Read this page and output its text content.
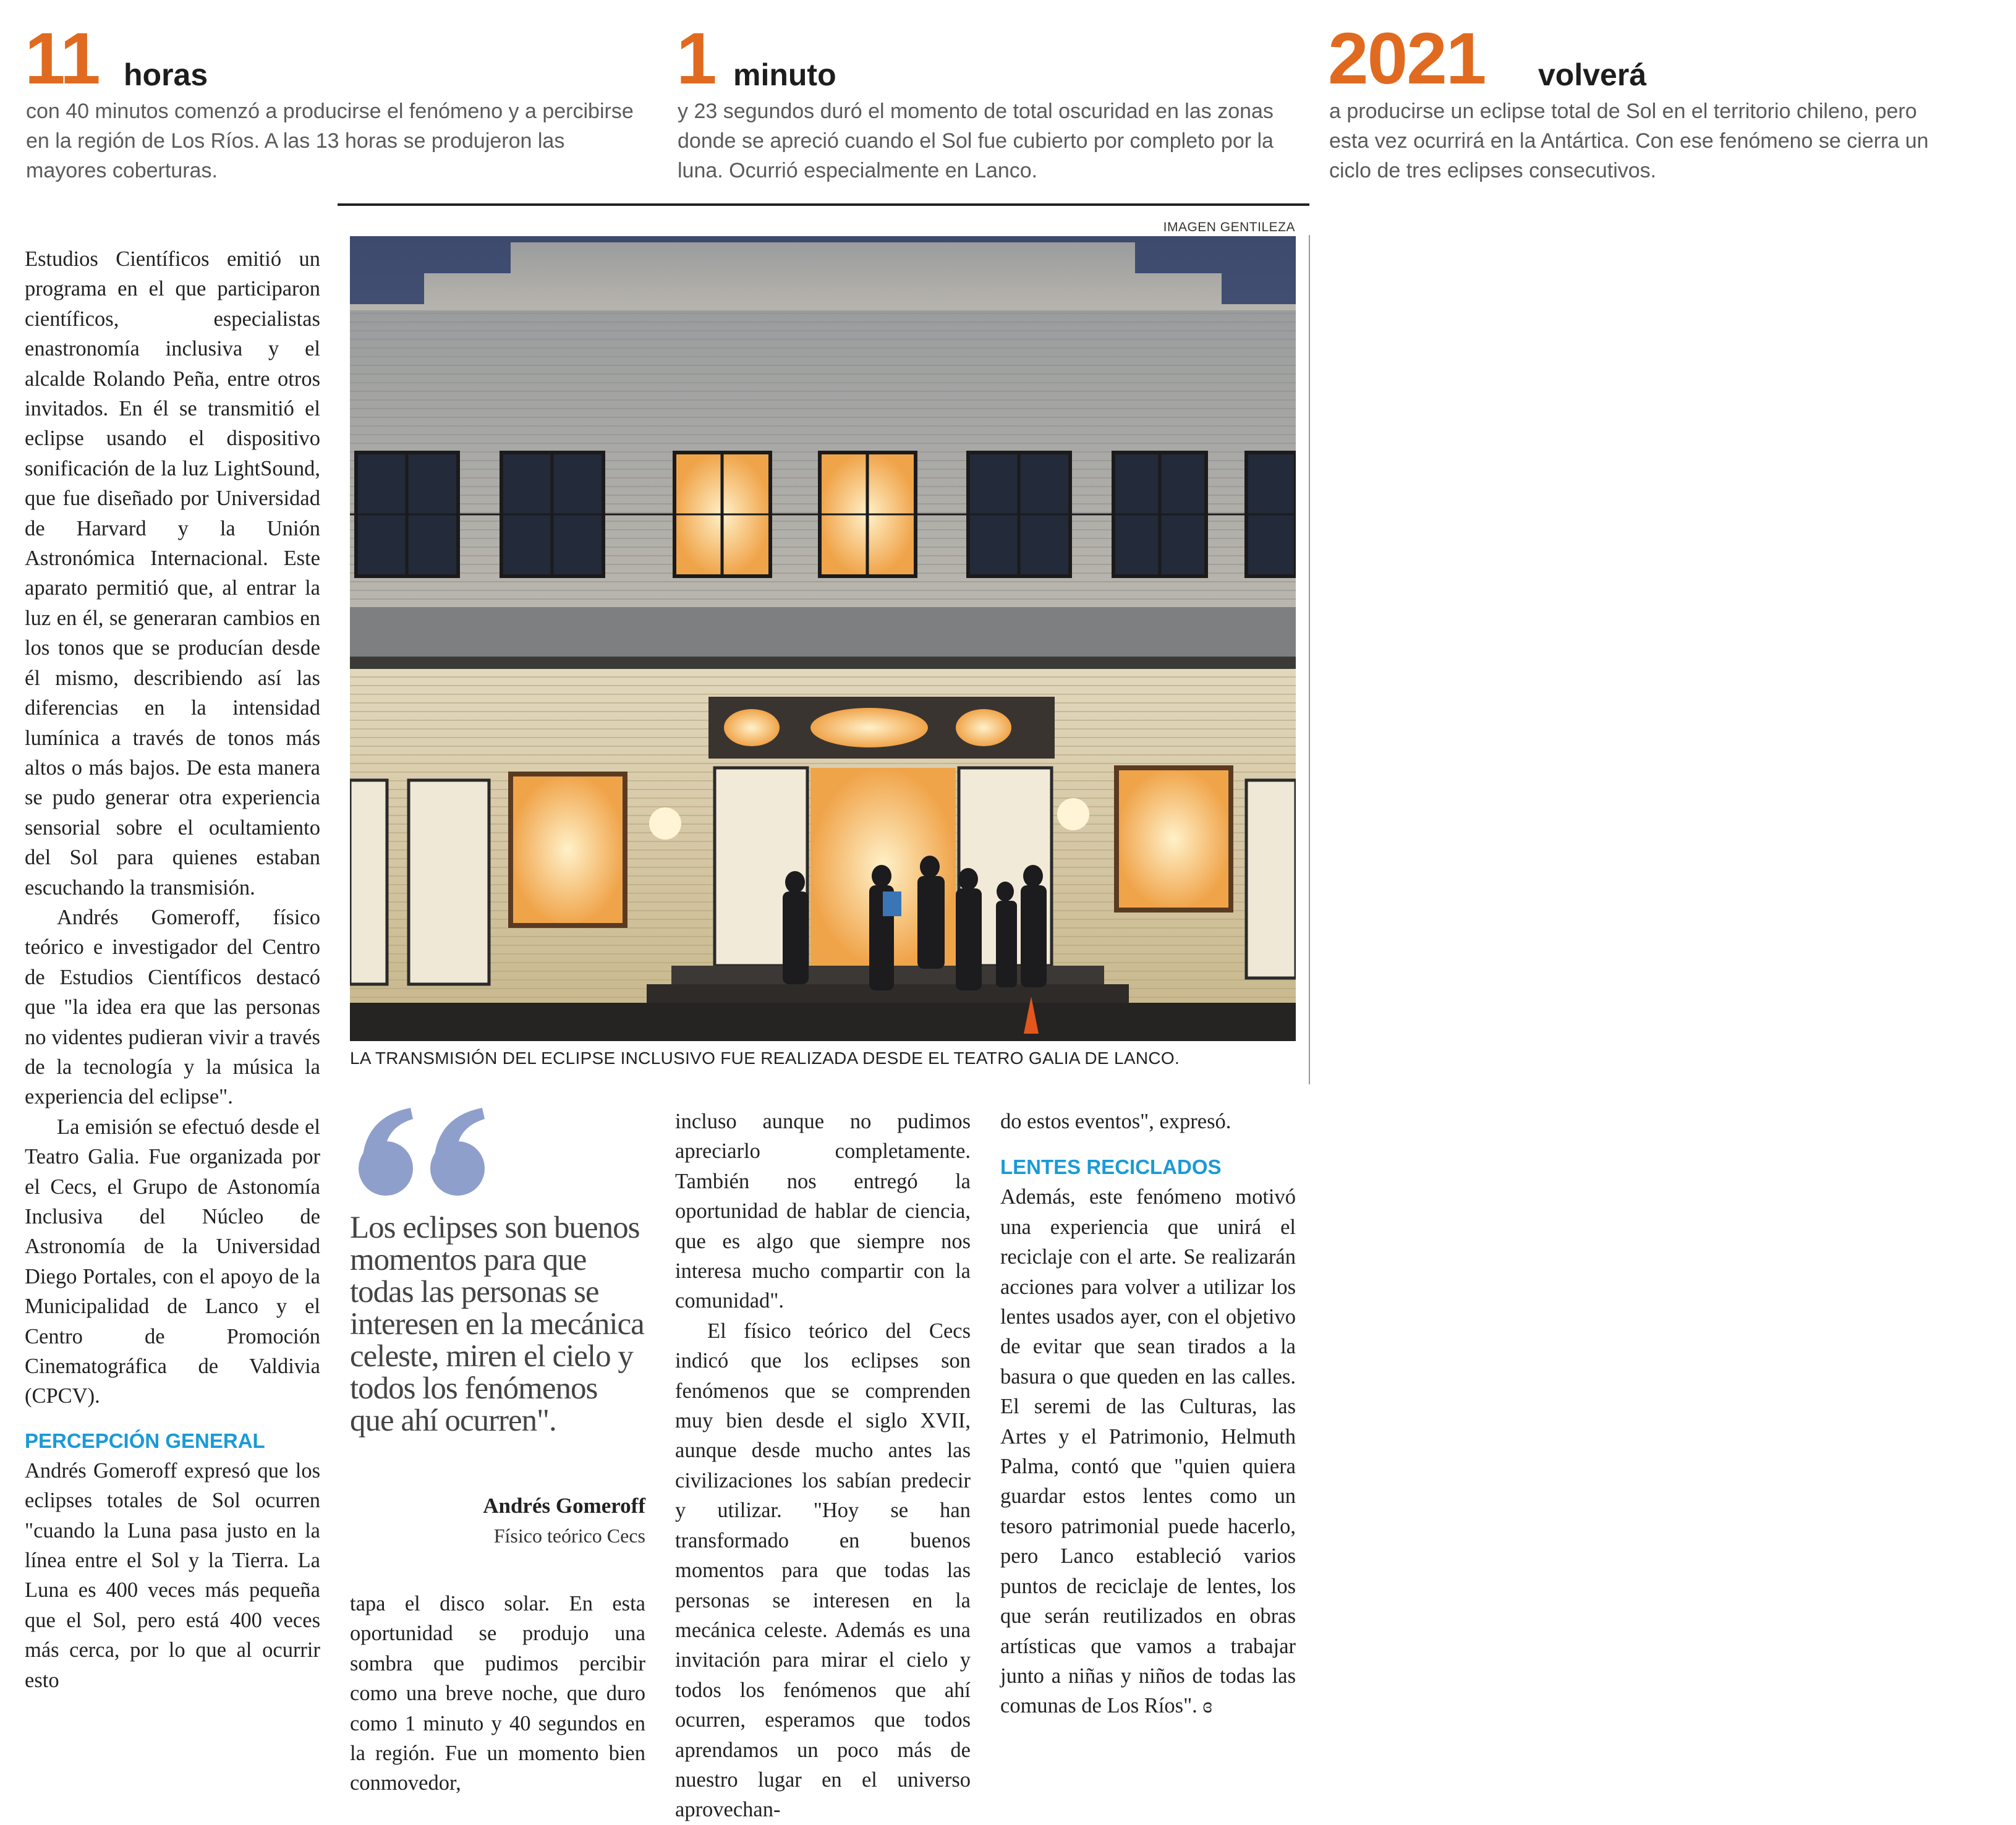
11 horas
con 40 minutos comenzó a producirse el fenómeno y a percibirse en la región de Los Ríos. A las 13 horas se produjeron las mayores coberturas.
1 minuto
y 23 segundos duró el momento de total oscuridad en las zonas donde se apreció cuando el Sol fue cubierto por completo por la luna. Ocurrió especialmente en Lanco.
2021 volverá
a producirse un eclipse total de Sol en el territorio chileno, pero esta vez ocurrirá en la Antártica. Con ese fenómeno se cierra un ciclo de tres eclipses consecutivos.
IMAGEN GENTILEZA
LA TRANSMISIÓN DEL ECLIPSE INCLUSIVO FUE REALIZADA DESDE EL TEATRO GALIA DE LANCO.
Los eclipses son buenos momentos para que todas las personas se interesen en la mecánica celeste, miren el cielo y todos los fenómenos que ahí ocurren".
Andrés Gomeroff
Físico teórico Cecs

Estudios Científicos emitió un programa en el que participaron científicos, especialistas enastronomía inclusiva y el alcalde Rolando Peña, entre otros invitados. En él se transmitió el eclipse usando el dispositivo sonificación de la luz LightSound, que fue diseñado por Universidad de Harvard y la Unión Astronómica Internacional. Este aparato permitió que, al entrar la luz en él, se generaran cambios en los tonos que se producían desde él mismo, describiendo así las diferencias en la intensidad lumínica a través de tonos más altos o más bajos. De esta manera se pudo generar otra experiencia sensorial sobre el ocultamiento del Sol para quienes estaban escuchando la transmisión.

Andrés Gomeroff, físico teórico e investigador del Centro de Estudios Científicos destacó que "la idea era que las personas no videntes pudieran vivir a través de la tecnología y la música la experiencia del eclipse".

La emisión se efectuó desde el Teatro Galia. Fue organizada por el Cecs, el Grupo de Astonomía Inclusiva del Núcleo de Astronomía de la Universidad Diego Portales, con el apoyo de la Municipalidad de Lanco y el Centro de Promoción Cinematográfica de Valdivia (CPCV).

PERCEPCIÓN GENERAL

Andrés Gomeroff expresó que los eclipses totales de Sol ocurren "cuando la Luna pasa justo en la línea entre el Sol y la Tierra. La Luna es 400 veces más pequeña que el Sol, pero está 400 veces más cerca, por lo que al ocurrir esto

tapa el disco solar. En esta oportunidad se produjo una sombra que pudimos percibir como una breve noche, que duro como 1 minuto y 40 segundos en la región. Fue un momento bien conmovedor,

incluso aunque no pudimos apreciarlo completamente. También nos entregó la oportunidad de hablar de ciencia, que es algo que siempre nos interesa mucho compartir con la comunidad".

El físico teórico del Cecs indicó que los eclipses son fenómenos que se comprenden muy bien desde el siglo XVII, aunque desde mucho antes las civilizaciones los sabían predecir y utilizar. "Hoy se han transformado en buenos momentos para que todas las personas se interesen en la mecánica celeste. Además es una invitación para mirar el cielo y todos los fenómenos que ahí ocurren, esperamos que todos aprendamos un poco más de nuestro lugar en el universo aprovechan-

do estos eventos", expresó.

LENTES RECICLADOS

Además, este fenómeno motivó una experiencia que unirá el reciclaje con el arte. Se realizarán acciones para volver a utilizar los lentes usados ayer, con el objetivo de evitar que sean tirados a la basura o que queden en las calles. El seremi de las Culturas, las Artes y el Patrimonio, Helmuth Palma, contó que "quien quiera guardar estos lentes como un tesoro patrimonial puede hacerlo, pero Lanco estableció varios puntos de reciclaje de lentes, los que serán reutilizados en obras artísticas que vamos a trabajar junto a niñas y niños de todas las comunas de Los Ríos". ɞ
